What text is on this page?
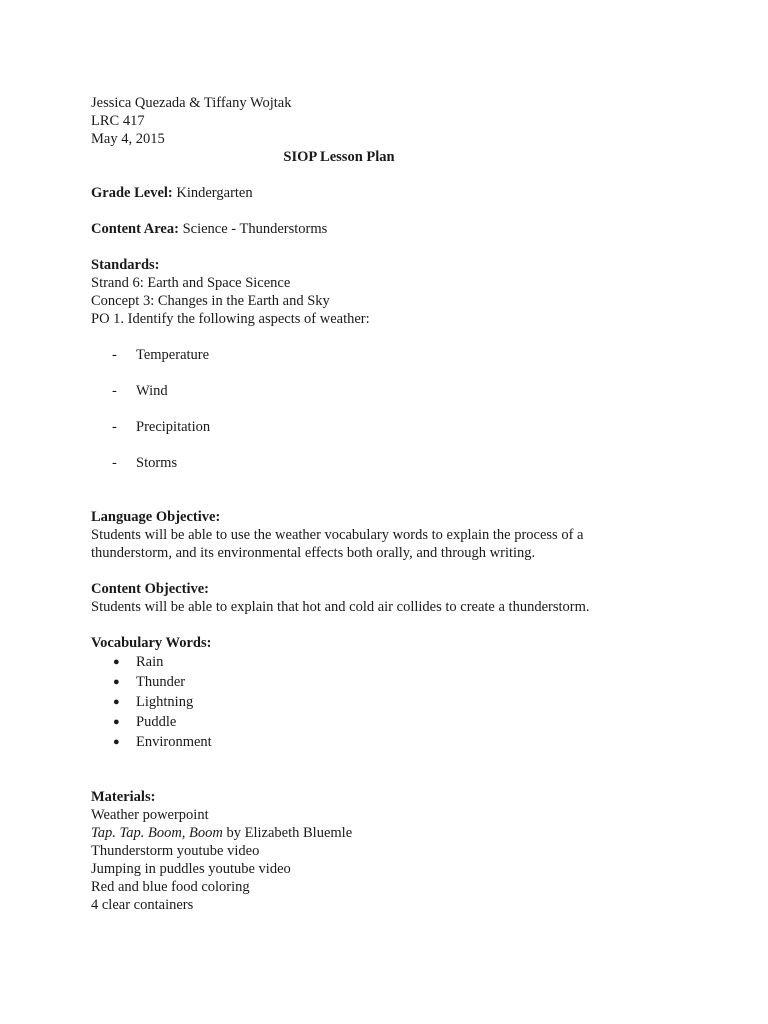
Jessica Quezada & Tiffany Wojtak
LRC 417
May 4, 2015
SIOP Lesson Plan
Grade Level: Kindergarten
Content Area: Science - Thunderstorms
Standards:
Strand 6: Earth and Space Sicence
Concept 3: Changes in the Earth and Sky
PO 1. Identify the following aspects of weather:
- Temperature
- Wind
- Precipitation
- Storms
Language Objective:
Students will be able to use the weather vocabulary words to explain the process of a
thunderstorm, and its environmental effects both orally, and through writing.
Content Objective:
Students will be able to explain that hot and cold air collides to create a thunderstorm.
Vocabulary Words:
● Rain
● Thunder
● Lightning
● Puddle
● Environment
Materials:
Weather powerpoint
Tap. Tap. Boom, Boom by Elizabeth Bluemle
Thunderstorm youtube video
Jumping in puddles youtube video
Red and blue food coloring
4 clear containers
